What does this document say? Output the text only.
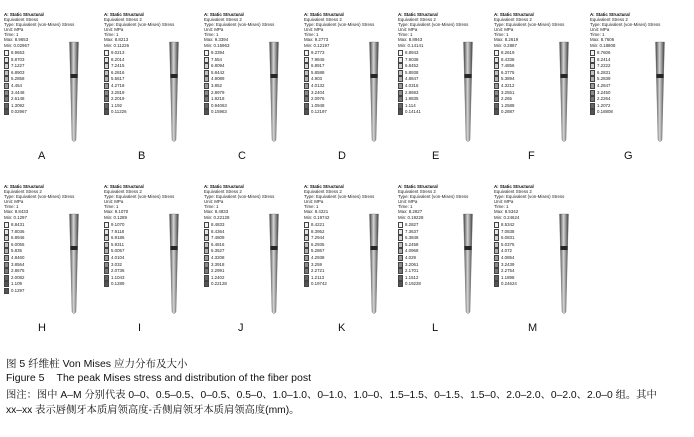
A: Static Structural
Equivalent Stress
Type: Equivalent (von-Mises) Stress
Unit: MPa
Time: 1
Max: 8.9653
Min: 0.02967
8.9653
8.8703
7.1227
6.8903
5.2858
4.454
3.4448
2.6148
1.3092
0.02967
A
A: Static Structural
Equivalent Stress 2
Type: Equivalent (von-Mises) Stress
Unit: MPa
Time: 1
Max: 8.8213
Min: 0.11226
9.0213
8.2014
7.2415
6.2816
5.5617
4.2718
3.2819
2.2019
1.192
0.11226
B
A: Static Structural
Equivalent Stress 2
Type: Equivalent (von-Mises) Stress
Unit: MPa
Time: 1
Max: 9.3394
Min: 0.15963
9.3394
7.554
6.8094
5.8442
4.9089
3.852
2.8979
1.9218
0.94063
0.15963
C
A: Static Structural
Equivalent Stress 2
Type: Equivalent (von-Mises) Stress
Unit: MPa
Time: 1
Max: 9.2773
Min: 0.12197
9.2773
7.9845
6.8917
5.8588
4.903
4.0132
3.2404
2.0976
1.0948
0.12197
D
A: Static Structural
Equivalent Stress 2
Type: Equivalent (von-Mises) Stress
Unit: MPa
Time: 1
Max: 8.8943
Min: 0.14141
8.8943
7.9038
6.8452
5.8938
4.8847
4.0316
2.8693
1.9835
1.114
0.14141
E
A: Static Structural
Equivalent Stress 2
Type: Equivalent (von-Mises) Stress
Unit: MPa
Time: 1
Max: 8.2619
Min: 0.2887
8.2619
8.4338
7.4856
6.3775
5.3894
4.3212
3.2551
2.265
1.2588
0.2887
F
A: Static Structural
Equivalent Stress 2
Type: Equivalent (von-Mises) Stress
Unit: MPa
Time: 1
Max: 8.7606
Min: 0.18808
8.7606
8.2414
7.2222
6.2831
5.2839
4.2847
3.2450
2.2264
1.2072
0.18808
G
A: Static Structural
Equivalent Stress 2
Type: Equivalent (von-Mises) Stress
Unit: MPa
Time: 1
Max: 8.8433
Min: 0.1297
8.8431
7.8036
6.8946
6.0055
5.835
4.8460
3.8564
2.8675
2.0082
1.109
0.1297
H
A: Static Structural
Equivalent Stress 2
Type: Equivalent (von-Mises) Stress
Unit: MPa
Time: 1
Max: 9.1070
Min: 0.1289
9.1070
7.9118
6.9186
5.9311
5.0057
4.0104
3.032
2.0736
1.1043
0.1289
I
A: Static Structural
Equivalent Stress 2
Type: Equivalent (von-Mises) Stress
Unit: MPa
Time: 1
Max: 8.4833
Min: 0.22128
8.4833
8.4364
7.4809
6.4816
5.3527
4.3208
3.3918
2.2991
1.2402
0.22128
J
A: Static Structural
Equivalent Stress 2
Type: Equivalent (von-Mises) Stress
Unit: MPa
Time: 1
Max: 8.4221
Min: 0.19742
8.4221
8.3952
7.2944
6.2935
5.2867
4.2938
3.259
2.2721
1.2113
0.19742
K
A: Static Structural
Equivalent Stress 2
Type: Equivalent (von-Mises) Stress
Unit: MPa
Time: 1
Max: 8.2827
Min: 0.19228
8.2827
7.3637
6.3848
5.2458
4.0968
4.029
3.2061
2.1701
1.1512
0.19228
L
A: Static Structural
Equivalent Stress 2
Type: Equivalent (von-Mises) Stress
Unit: MPa
Time: 1
Max: 8.5342
Min: 0.24624
8.5342
7.0838
6.0831
5.0375
4.072
4.0854
3.2439
2.2754
1.1898
0.24624
M
图 5 纤维桩 Von Mises 应力分布及大小
Figure 5 The peak Mises stress and distribution of the fiber post
图注：图中 A–M 分别代表 0–0、0.5–0.5、0–0.5、0.5–0、1.0–1.0、0–1.0、1.0–0、1.5–1.5、0–1.5、1.5–0、2.0–2.0、0–2.0、2.0–0 组。其中
xx–xx 表示唇侧牙本质肩领高度-舌侧肩领牙本质肩领高度(mm)。
